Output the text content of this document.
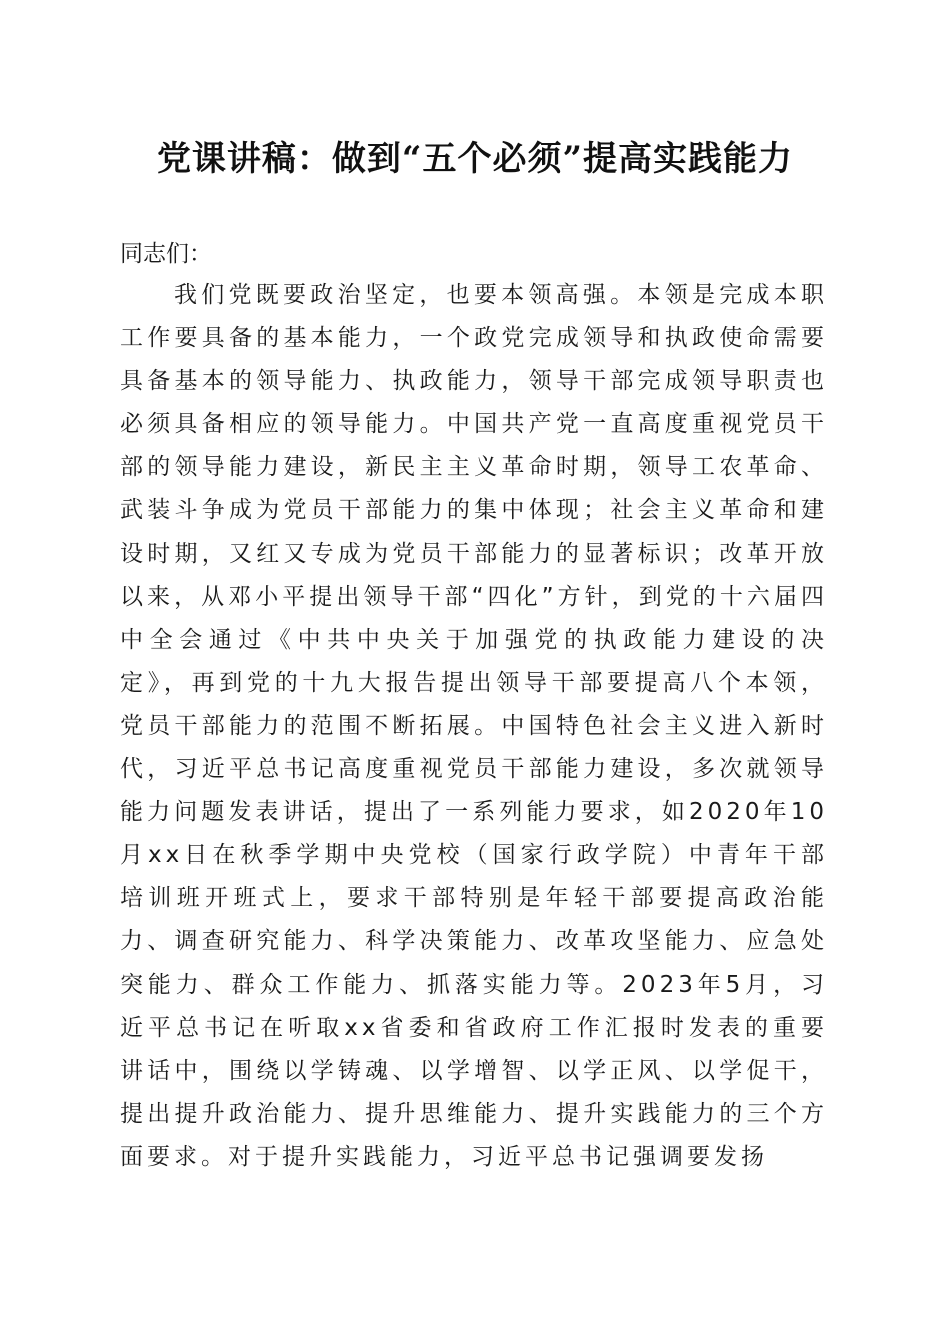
党课讲稿：做到“五个必须”提高实践能力

同志们：

我们党既要政治坚定，也要本领高强。本领是完成本职工作要具备的基本能力，一个政党完成领导和执政使命需要具备基本的领导能力、执政能力，领导干部完成领导职责也必须具备相应的领导能力。中国共产党一直高度重视党员干部的领导能力建设，新民主主义革命时期，领导工农革命、武装斗争成为党员干部能力的集中体现；社会主义革命和建设时期，又红又专成为党员干部能力的显著标识；改革开放以来，从邓小平提出领导干部“四化”方针，到党的十六届四中全会通过《中共中央关于加强党的执政能力建设的决定》，再到党的十九大报告提出领导干部要提高八个本领，党员干部能力的范围不断拓展。中国特色社会主义进入新时代，习近平总书记高度重视党员干部能力建设，多次就领导能力问题发表讲话，提出了一系列能力要求，如2020年10月xx日在秋季学期中央党校（国家行政学院）中青年干部培训班开班式上，要求干部特别是年轻干部要提高政治能力、调查研究能力、科学决策能力、改革攻坚能力、应急处突能力、群众工作能力、抓落实能力等。2023年5月，习近平总书记在听取xx省委和省政府工作汇报时发表的重要讲话中，围绕以学铸魂、以学增智、以学正风、以学促干，提出提升政治能力、提升思维能力、提升实践能力的三个方面要求。对于提升实践能力，习近平总书记强调要发扬
